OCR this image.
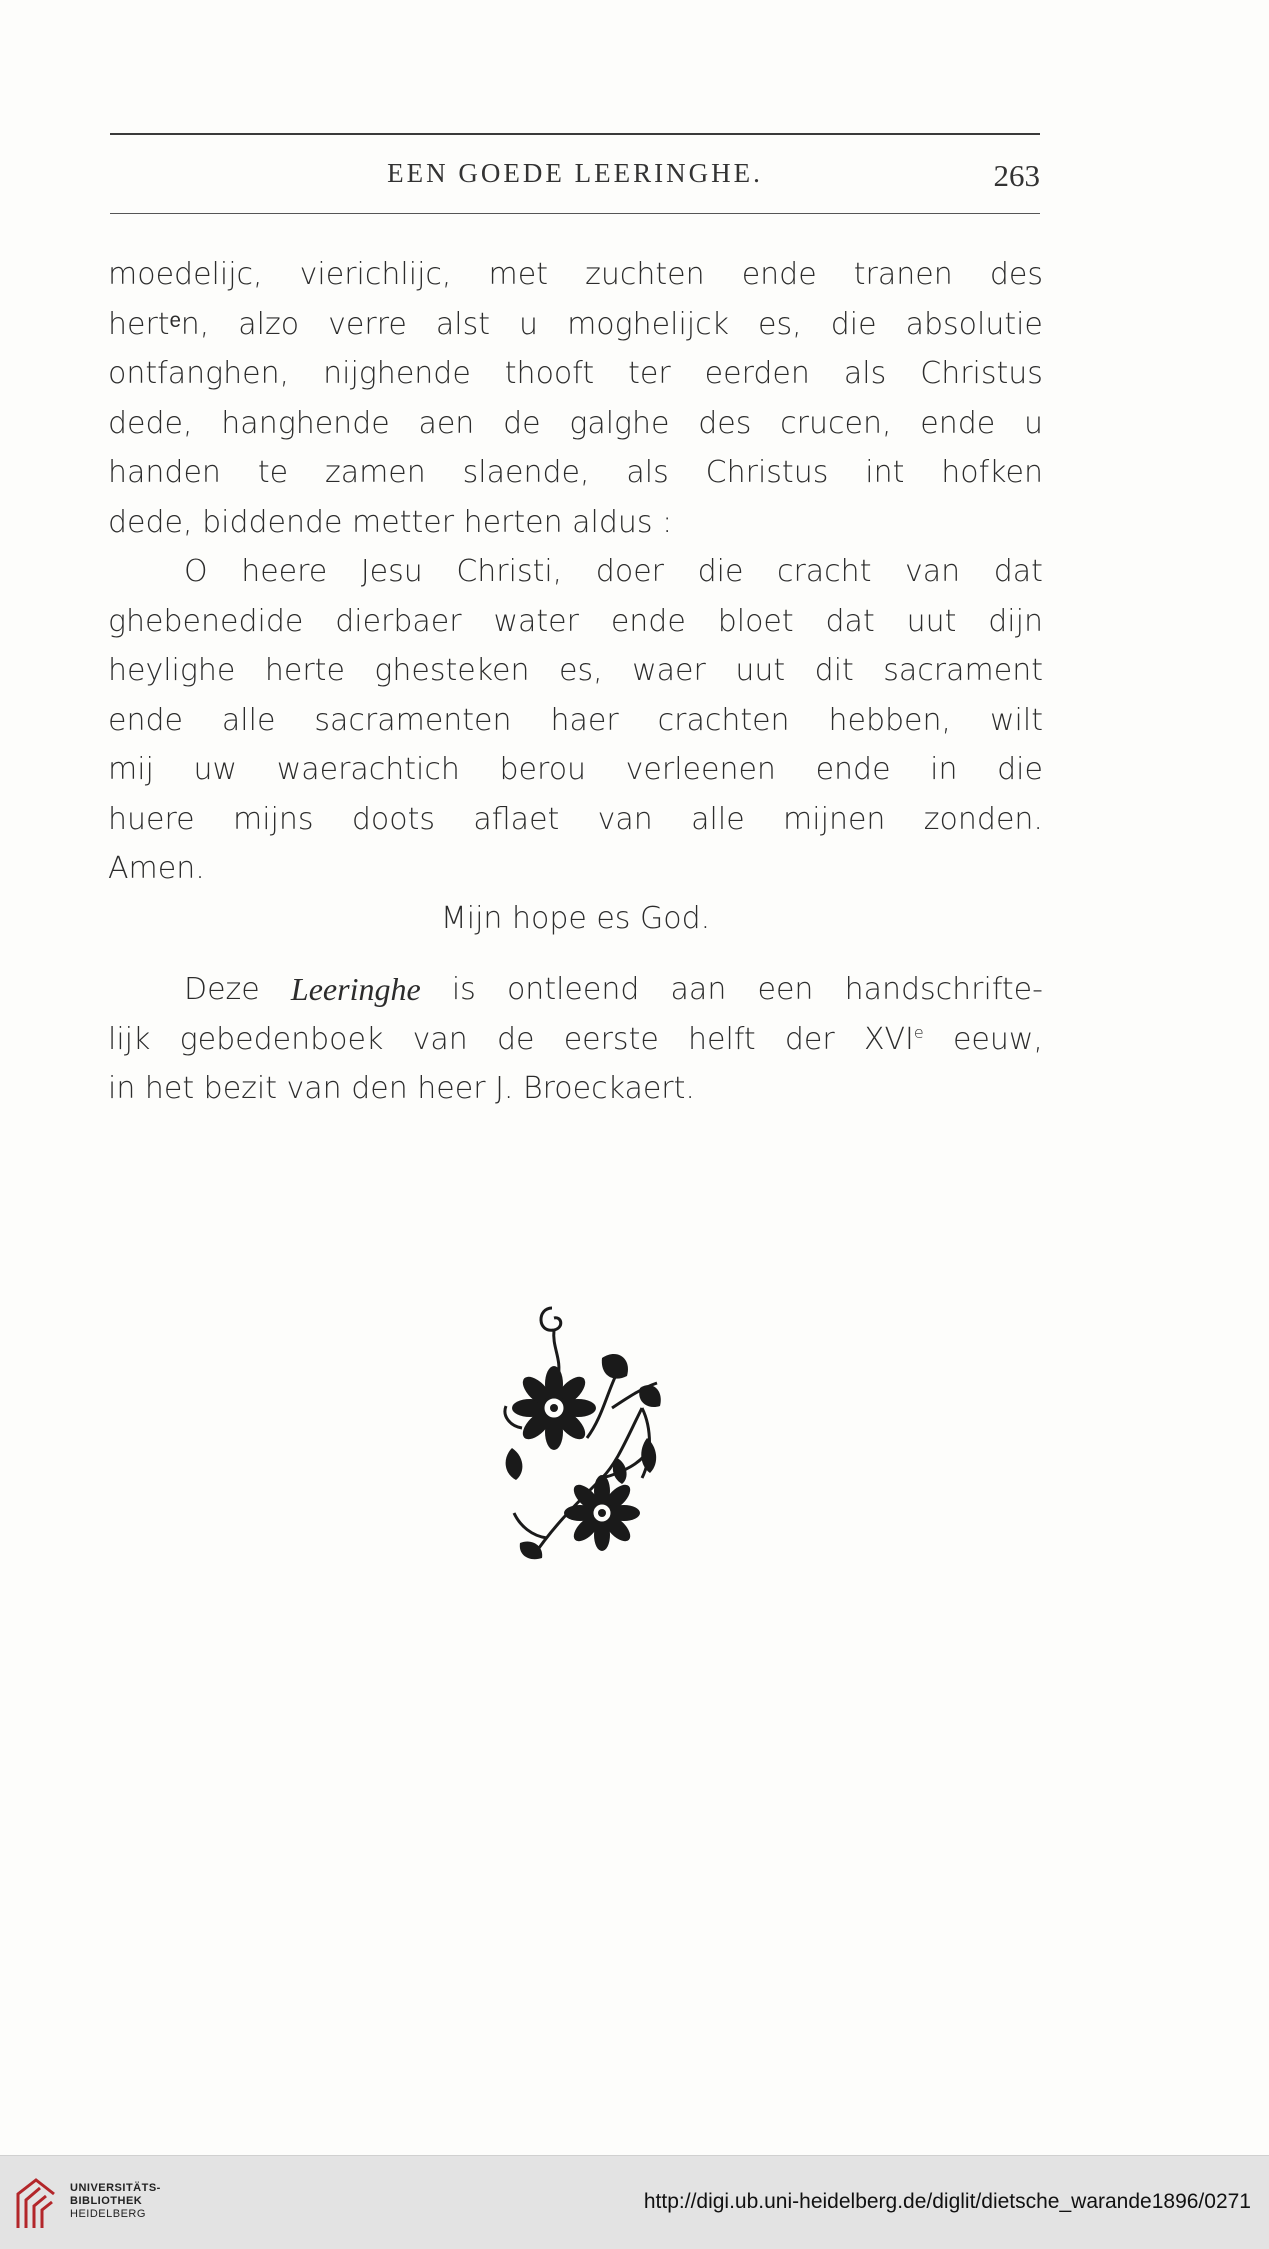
EEN GOEDE LEERINGHE.	263
moedelijc, vierichlijc, met zuchten ende tranen des
hertᵉn, alzo verre alst u moghelijck es, die absolutie
ontfanghen, nijghende thooft ter eerden als Christus
dede, hanghende aen de galghe des crucen, ende u
handen te zamen slaende, als Christus int hofken
dede, biddende metter herten aldus :
O heere Jesu Christi, doer die cracht van dat
ghebenedide dierbaer water ende bloet dat uut dijn
heylighe herte ghesteken es, waer uut dit sacrament
ende alle sacramenten haer crachten hebben, wilt
mij uw waerachtich berou verleenen ende in die
huere mijns doots aflaet van alle mijnen zonden.
Amen.
Mijn hope es God.
Deze Leeringhe is ontleend aan een handschrifte-
lijk gebedenboek van de eerste helft der XVIe eeuw,
in het bezit van den heer J. Broeckaert.
UNIVERSITÄTS-
BIBLIOTHEK
HEIDELBERG
http://digi.ub.uni-heidelberg.de/diglit/dietsche_warande1896/0271
